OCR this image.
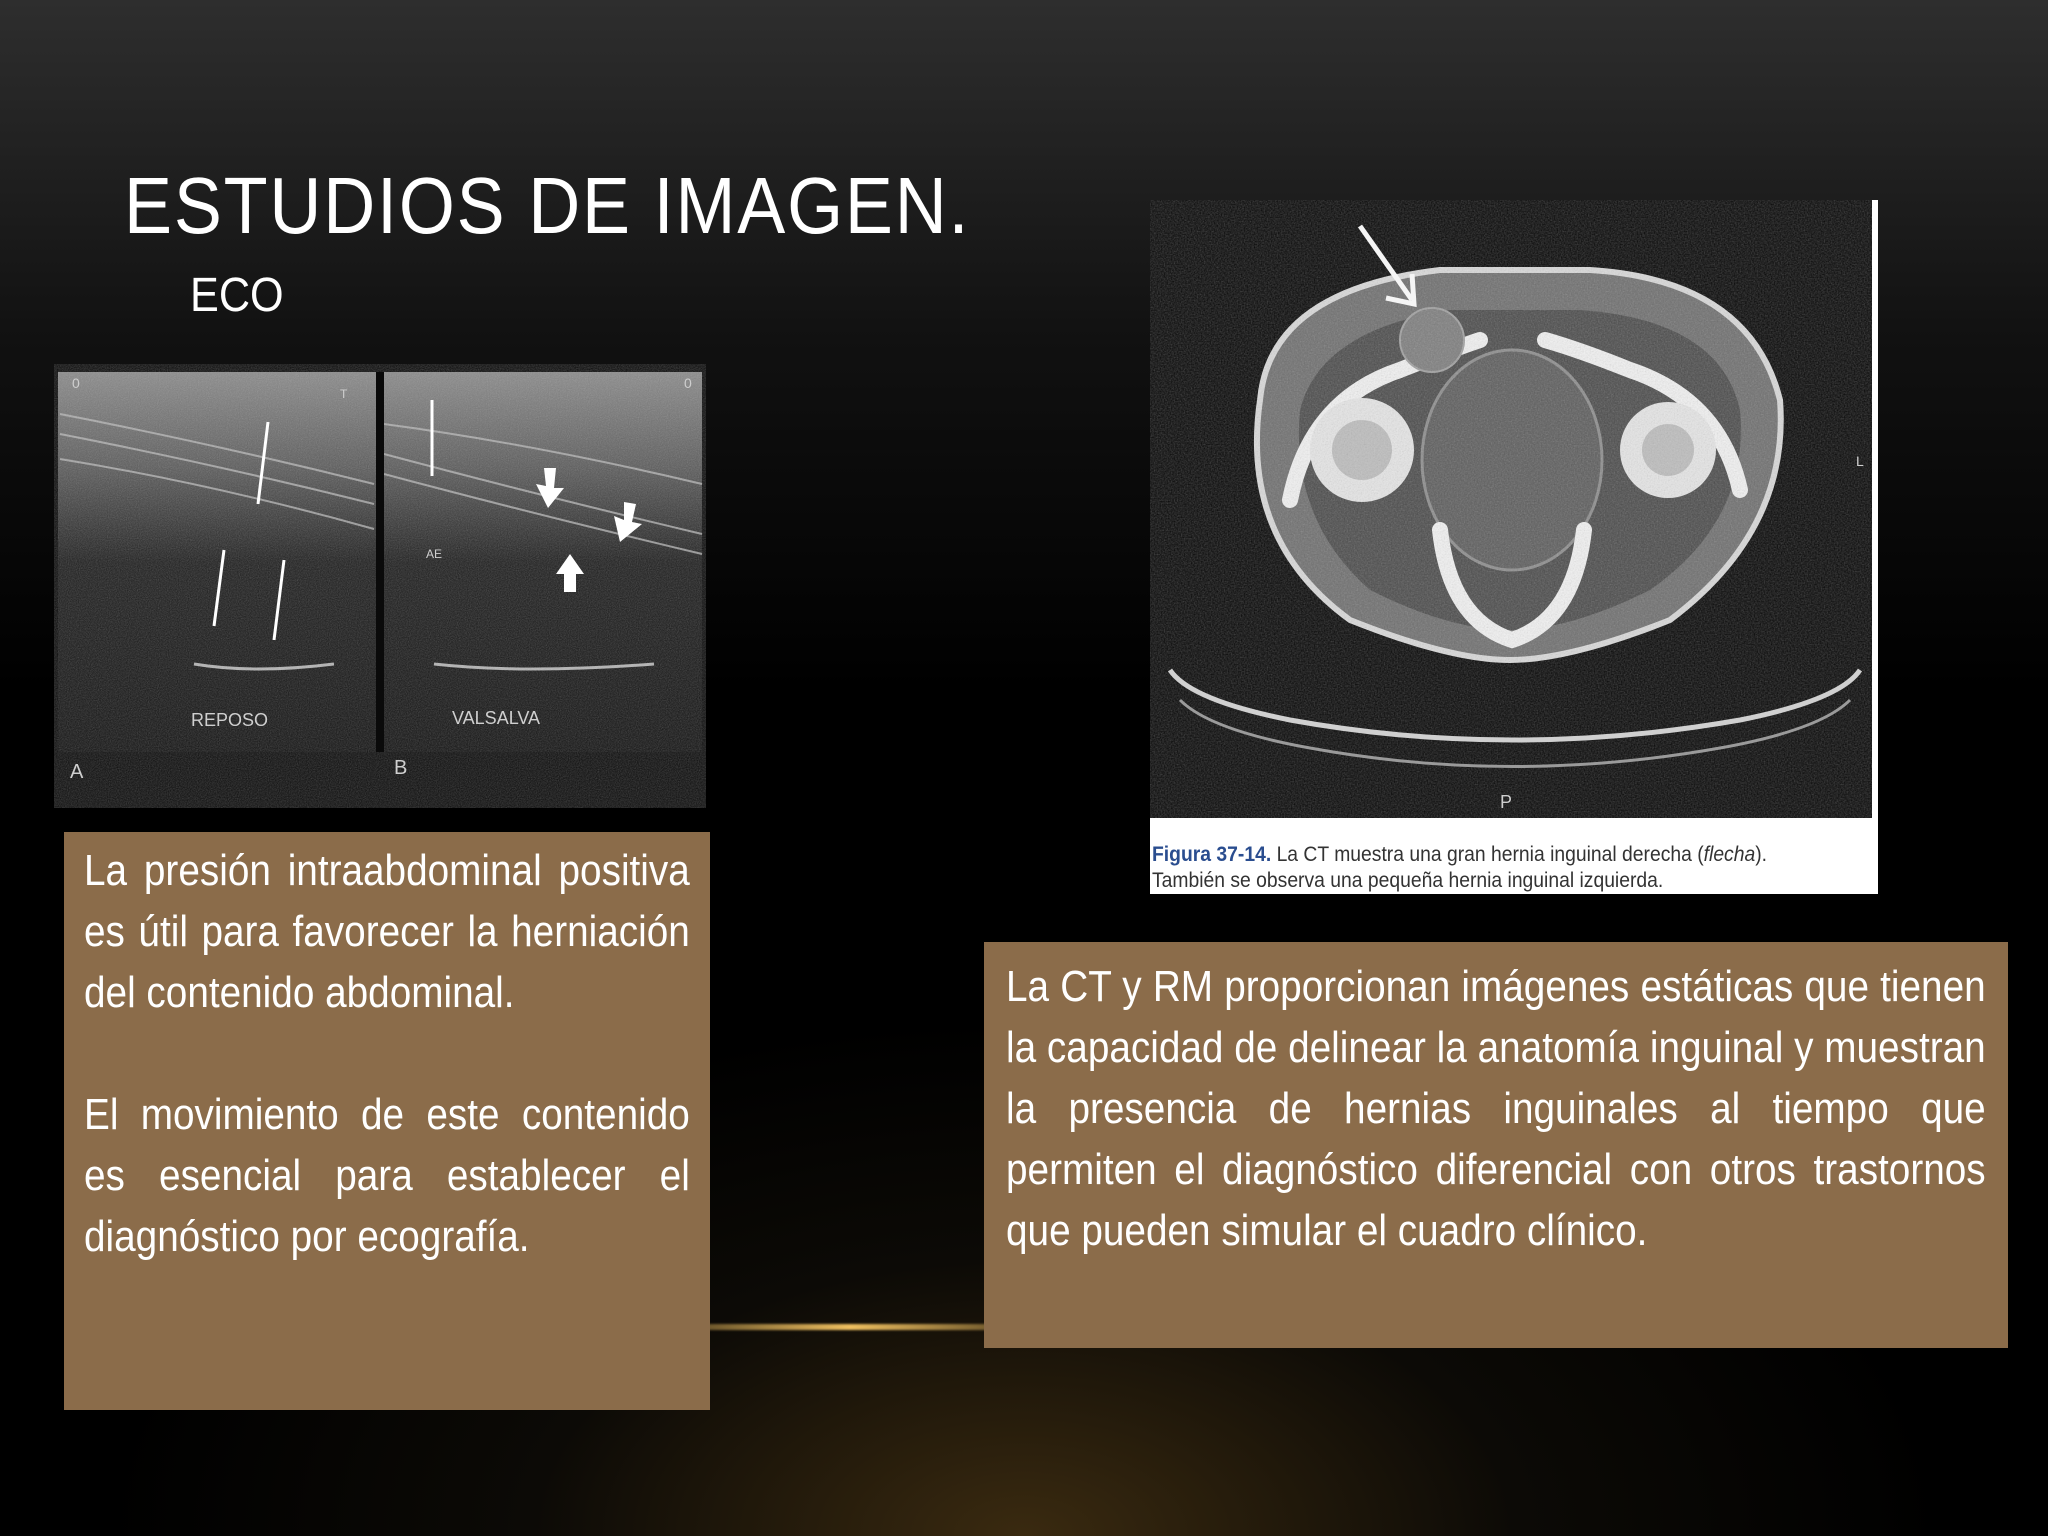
ESTUDIOS DE IMAGEN.
ECO
REPOSO	VALSALVA
A	B
0	0
T
AE
P
L
Figura 37-14. La CT muestra una gran hernia inguinal derecha (flecha).
También se observa una pequeña hernia inguinal izquierda.

La presión intraabdominal positiva es útil para favorecer la herniación del contenido abdominal.

El movimiento de este contenido es esencial para establecer el diagnóstico por ecografía.

La CT y RM proporcionan imágenes estáticas que tienen la capacidad de delinear la anatomía inguinal y muestran la presencia de hernias inguinales al tiempo que permiten el diagnóstico diferencial con otros trastornos que pueden simular el cuadro clínico.
